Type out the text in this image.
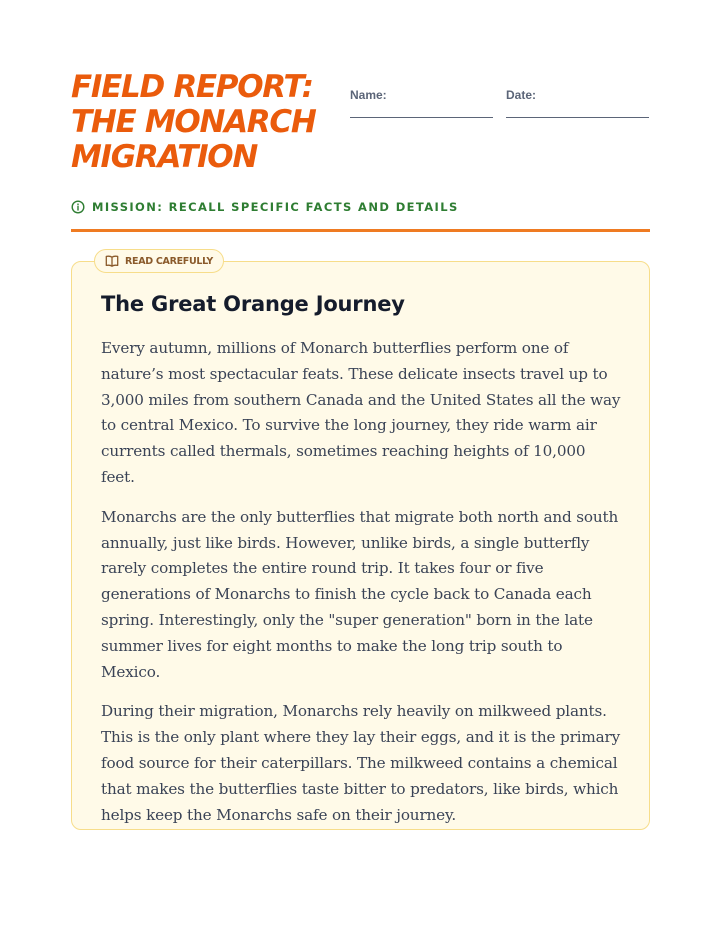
FIELD REPORT: THE MONARCH MIGRATION
Name:	Date:
MISSION: RECALL SPECIFIC FACTS AND DETAILS
READ CAREFULLY
The Great Orange Journey

Every autumn, millions of Monarch butterflies perform one of nature’s most spectacular feats. These delicate insects travel up to 3,000 miles from southern Canada and the United States all the way to central Mexico. To survive the long journey, they ride warm air currents called thermals, sometimes reaching heights of 10,000 feet.

Monarchs are the only butterflies that migrate both north and south annually, just like birds. However, unlike birds, a single butterfly rarely completes the entire round trip. It takes four or five generations of Monarchs to finish the cycle back to Canada each spring. Interestingly, only the "super generation" born in the late summer lives for eight months to make the long trip south to Mexico.

During their migration, Monarchs rely heavily on milkweed plants. This is the only plant where they lay their eggs, and it is the primary food source for their caterpillars. The milkweed contains a chemical that makes the butterflies taste bitter to predators, like birds, which helps keep the Monarchs safe on their journey.
